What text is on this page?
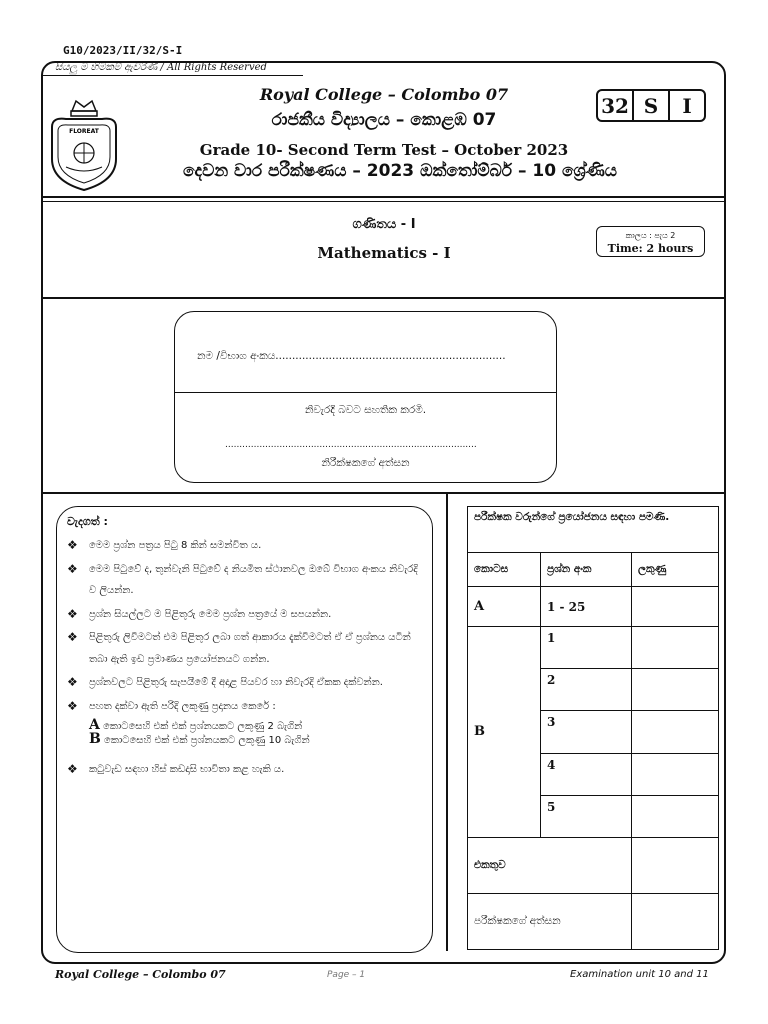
G10/2023/II/32/S-I
සියලු ම හිමිකම් ඇවිරිණි / All Rights Reserved
FLOREAT
Royal College – Colombo 07
රාජකීය විද්‍යාලය – කොළඹ 07
32 S	I
Grade 10- Second Term Test – October 2023
දෙවන වාර පරීක්ෂණය – 2023 ඔක්තෝම්බර් – 10 ශ්‍රේණිය
ගණිතය - I
Mathematics - I
කාලය : පැය 2
Time: 2 hours
නම /විභාග අංකය.....................................................................
නිවැරදි බවට සහතික කරමි.
........................................................................................
නිරීක්ෂකගේ අත්සන
වැදගත් :
❖ මෙම ප්‍රශ්න පත්‍රය පිටු 8 කින් සමන්විත ය.
❖ මෙම පිටුවේ ද, තුන්වැනි පිටුවේ ද නියමිත ස්ථානවල ඔබේ විභාග අංකය නිවැරදි ව ලියන්න.
❖ ප්‍රශ්න සියල්ලට ම පිළිතුරු මෙම ප්‍රශ්න පත්‍රයේ ම සපයන්න.
❖ පිළිතුරු ලිවීමටත් එම පිළිතුර ලබා ගත් ආකාරය දැක්වීමටත් ඒ ඒ ප්‍රශ්නය යටින් තබා ඇති ඉඩ ප්‍රමාණය ප්‍රයෝජනයට ගන්න.
❖ ප්‍රශ්නවලට පිළිතුරු සැපයීමේ දී අදාළ පියවර හා නිවැරදි ඒකක දක්වන්න.
❖ පහත දක්වා ඇති පරිදි ලකුණු ප්‍රදානය කෙරේ :
A කොටසෙහි එක් එක් ප්‍රශ්නයකට ලකුණු 2 බැගින්
B කොටසෙහි එක් එක් ප්‍රශ්නයකට ලකුණු 10 බැගින්
❖ කටුවැඩ සඳහා හිස් කඩදාසි භාවිතා කළ හැකි ය.
පරීක්ෂක වරුන්ගේ ප්‍රයෝජනය සඳහා පමණි.		
කොටස	ප්‍රශ්න අංක	ලකුණු
A	1 - 25	
B	1	
	2	
	3	
	4	
	5	
එකතුව		
පරීක්ෂකගේ අත්සන		
Royal College – Colombo 07	Page – 1	Examination unit 10 and 11
